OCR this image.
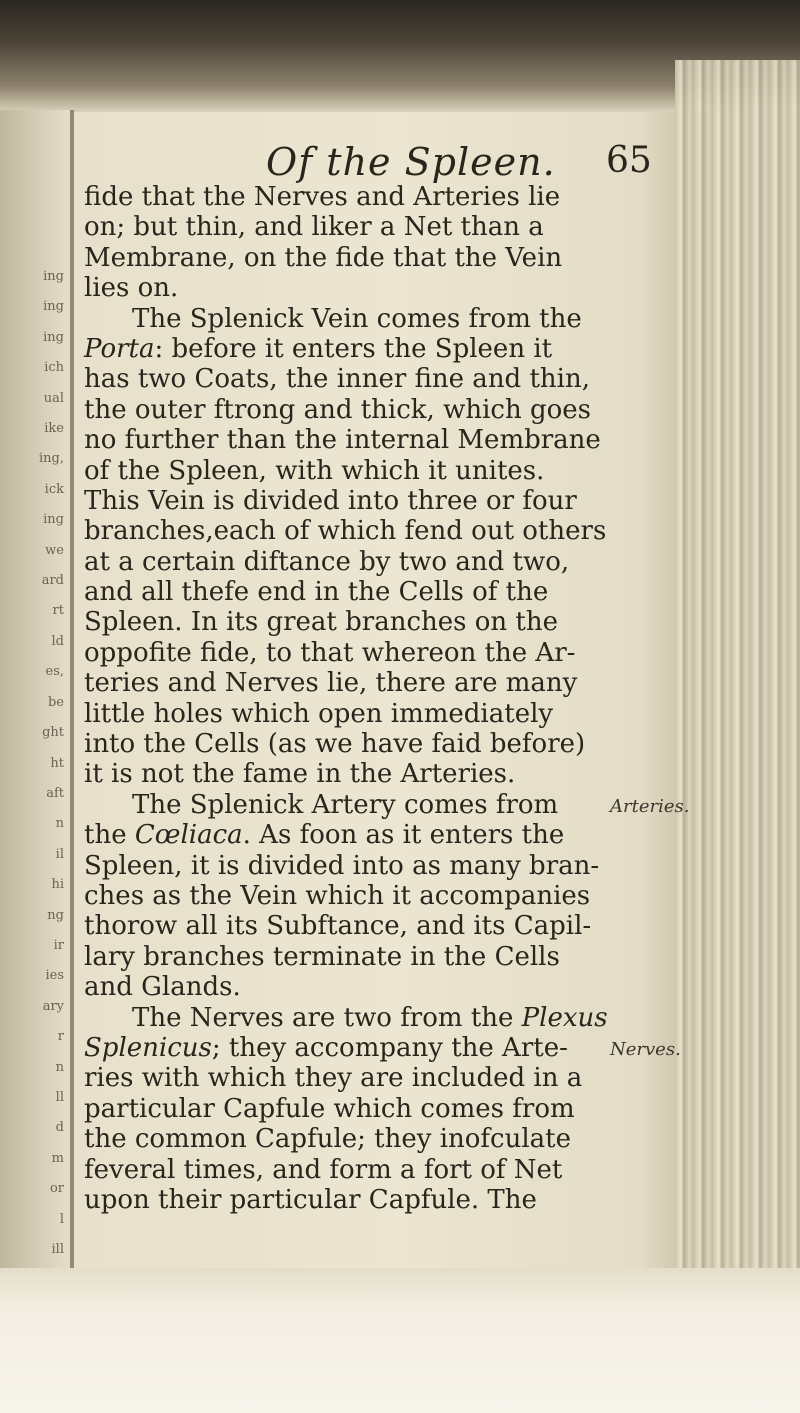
ing
ing
ing
ich
ual
ike
ing,
ick
ing
we
ard
rt
ld
es,
be
ght
ht
aft
n
il
hi
ng
ir
ies
ary
r
n
ll
d
m
or
l
ill
Of the Spleen. 65
fide that the Nerves and Arteries lie
on; but thin, and liker a Net than a
Membrane, on the fide that the Vein
lies on.
The Splenick Vein comes from the
Porta: before it enters the Spleen it
has two Coats, the inner fine and thin,
the outer ftrong and thick, which goes
no further than the internal Membrane
of the Spleen, with which it unites.
This Vein is divided into three or four
branches,each of which fend out others
at a certain diftance by two and two,
and all thefe end in the Cells of the
Spleen. In its great branches on the
oppofite fide, to that whereon the Ar-
teries and Nerves lie, there are many
little holes which open immediately
into the Cells (as we have faid before)
it is not the fame in the Arteries.
The Splenick Artery comes from
the Cœliaca. As foon as it enters the
Spleen, it is divided into as many bran-
ches as the Vein which it accompanies
thorow all its Subftance, and its Capil-
lary branches terminate in the Cells
and Glands.
The Nerves are two from the Plexus
Splenicus; they accompany the Arte-
ries with which they are included in a
particular Capfule which comes from
the common Capfule; they inofculate
feveral times, and form a fort of Net
upon their particular Capfule. The
Arteries.
Nerves.
